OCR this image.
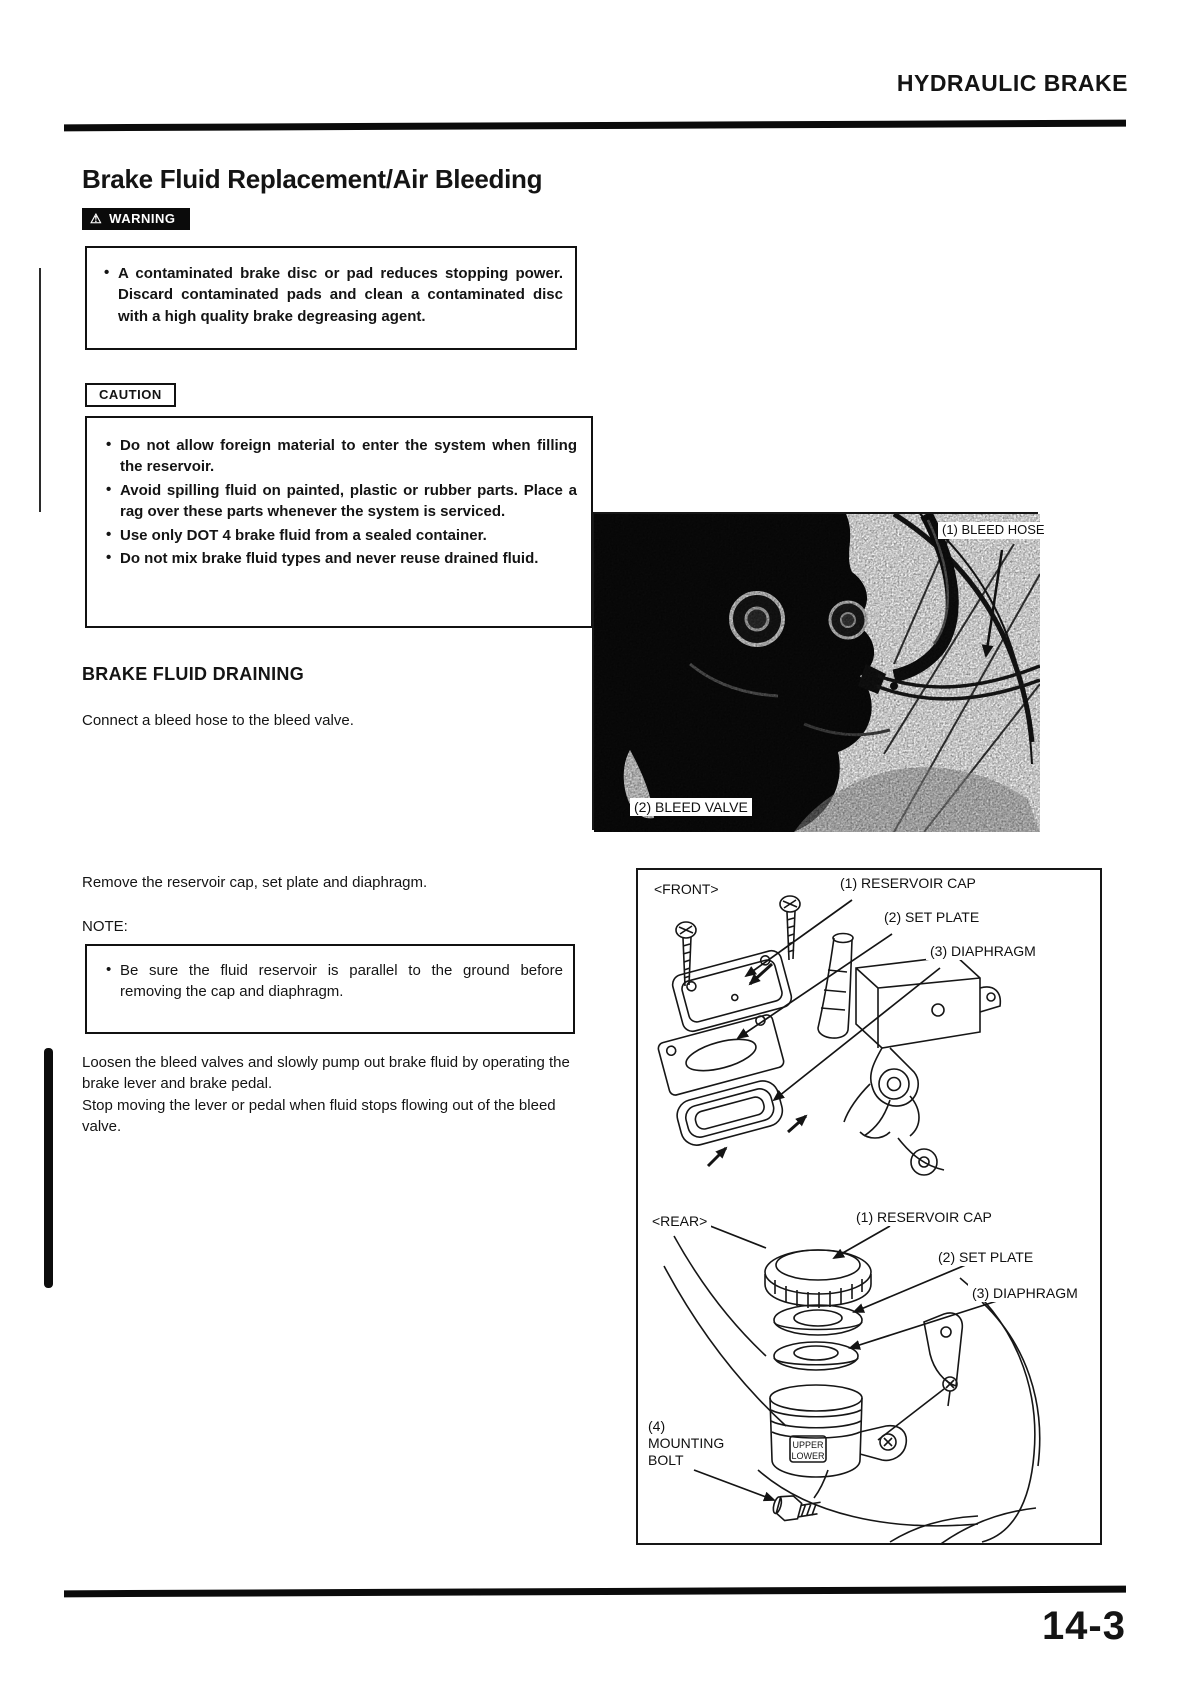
HYDRAULIC BRAKE
Brake Fluid Replacement/Air Bleeding
⚠ WARNING
• A contaminated brake disc or pad reduces stopping power. Discard contaminated pads and clean a contaminated disc with a high quality brake degreasing agent.
CAUTION
• Do not allow foreign material to enter the system when filling the reservoir.
• Avoid spilling fluid on painted, plastic or rubber parts. Place a rag over these parts whenever the system is serviced.
• Use only DOT 4 brake fluid from a sealed container.
• Do not mix brake fluid types and never reuse drained fluid.
BRAKE FLUID DRAINING
Connect a bleed hose to the bleed valve.
Remove the reservoir cap, set plate and diaphragm.
NOTE:
• Be sure the fluid reservoir is parallel to the ground before removing the cap and diaphragm.

Loosen the bleed valves and slowly pump out brake fluid by operating the brake lever and brake pedal.

Stop moving the lever or pedal when fluid stops flowing out of the bleed valve.

(1) BLEED HOSE
(2) BLEED VALVE
UPPER
LOWER
<FRONT>	(1) RESERVOIR CAP
(2) SET PLATE
(3) DIAPHRAGM
<REAR>	(1) RESERVOIR CAP
(2) SET PLATE
(3) DIAPHRAGM
(4)
MOUNTING
BOLT
14-3
